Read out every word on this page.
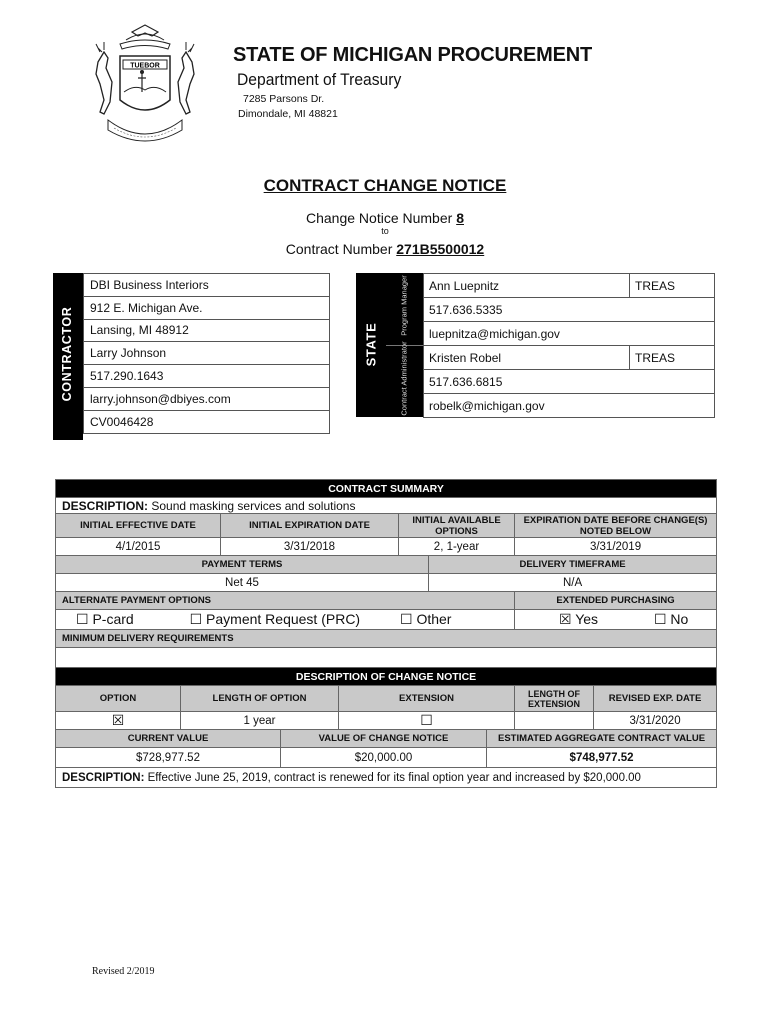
TUEBOR	STATE OF MICHIGAN PROCUREMENT
Department of Treasury
7285 Parsons Dr.
Dimondale, MI 48821
CONTRACT CHANGE NOTICE
Change Notice Number 8
to
Contract Number 271B5500012
CONTRACTOR
DBI Business Interiors
912 E. Michigan Ave.
Lansing, MI 48912
Larry Johnson
517.290.1643
larry.johnson@dbiyes.com
CV0046428
STATE
Program Manager
Contract Administrator
Ann Luepnitz	TREAS
517.636.5335	
luepnitza@michigan.gov	
Kristen Robel	TREAS
517.636.6815	
robelk@michigan.gov	
CONTRACT SUMMARY									
DESCRIPTION: Sound masking services and solutions									
INITIAL EFFECTIVE DATE		INITIAL EXPIRATION DATE			INITIAL AVAILABLE OPTIONS			EXPIRATION DATE BEFORE CHANGE(S) NOTED BELOW	
4/1/2015		3/31/2018			2, 1-year			3/31/2019	
PAYMENT TERMS						DELIVERY TIMEFRAME			
Net 45						N/A			
ALTERNATE PAYMENT OPTIONS								EXTENDED PURCHASING	
☐ P-card ☐ Payment Request (PRC) ☐ Other								☒ Yes ☐ No	
MINIMUM DELIVERY REQUIREMENTS									

DESCRIPTION OF CHANGE NOTICE									
OPTION	LENGTH OF OPTION			EXTENSION				LENGTH OF EXTENSION	REVISED EXP. DATE
☒	1 year			☐					3/31/2020
CURRENT VALUE			VALUE OF CHANGE NOTICE				ESTIMATED AGGREGATE CONTRACT VALUE		
$728,977.52			$20,000.00				$748,977.52		
DESCRIPTION: Effective June 25, 2019, contract is renewed for its final option year and increased by $20,000.00									
Revised 2/2019
